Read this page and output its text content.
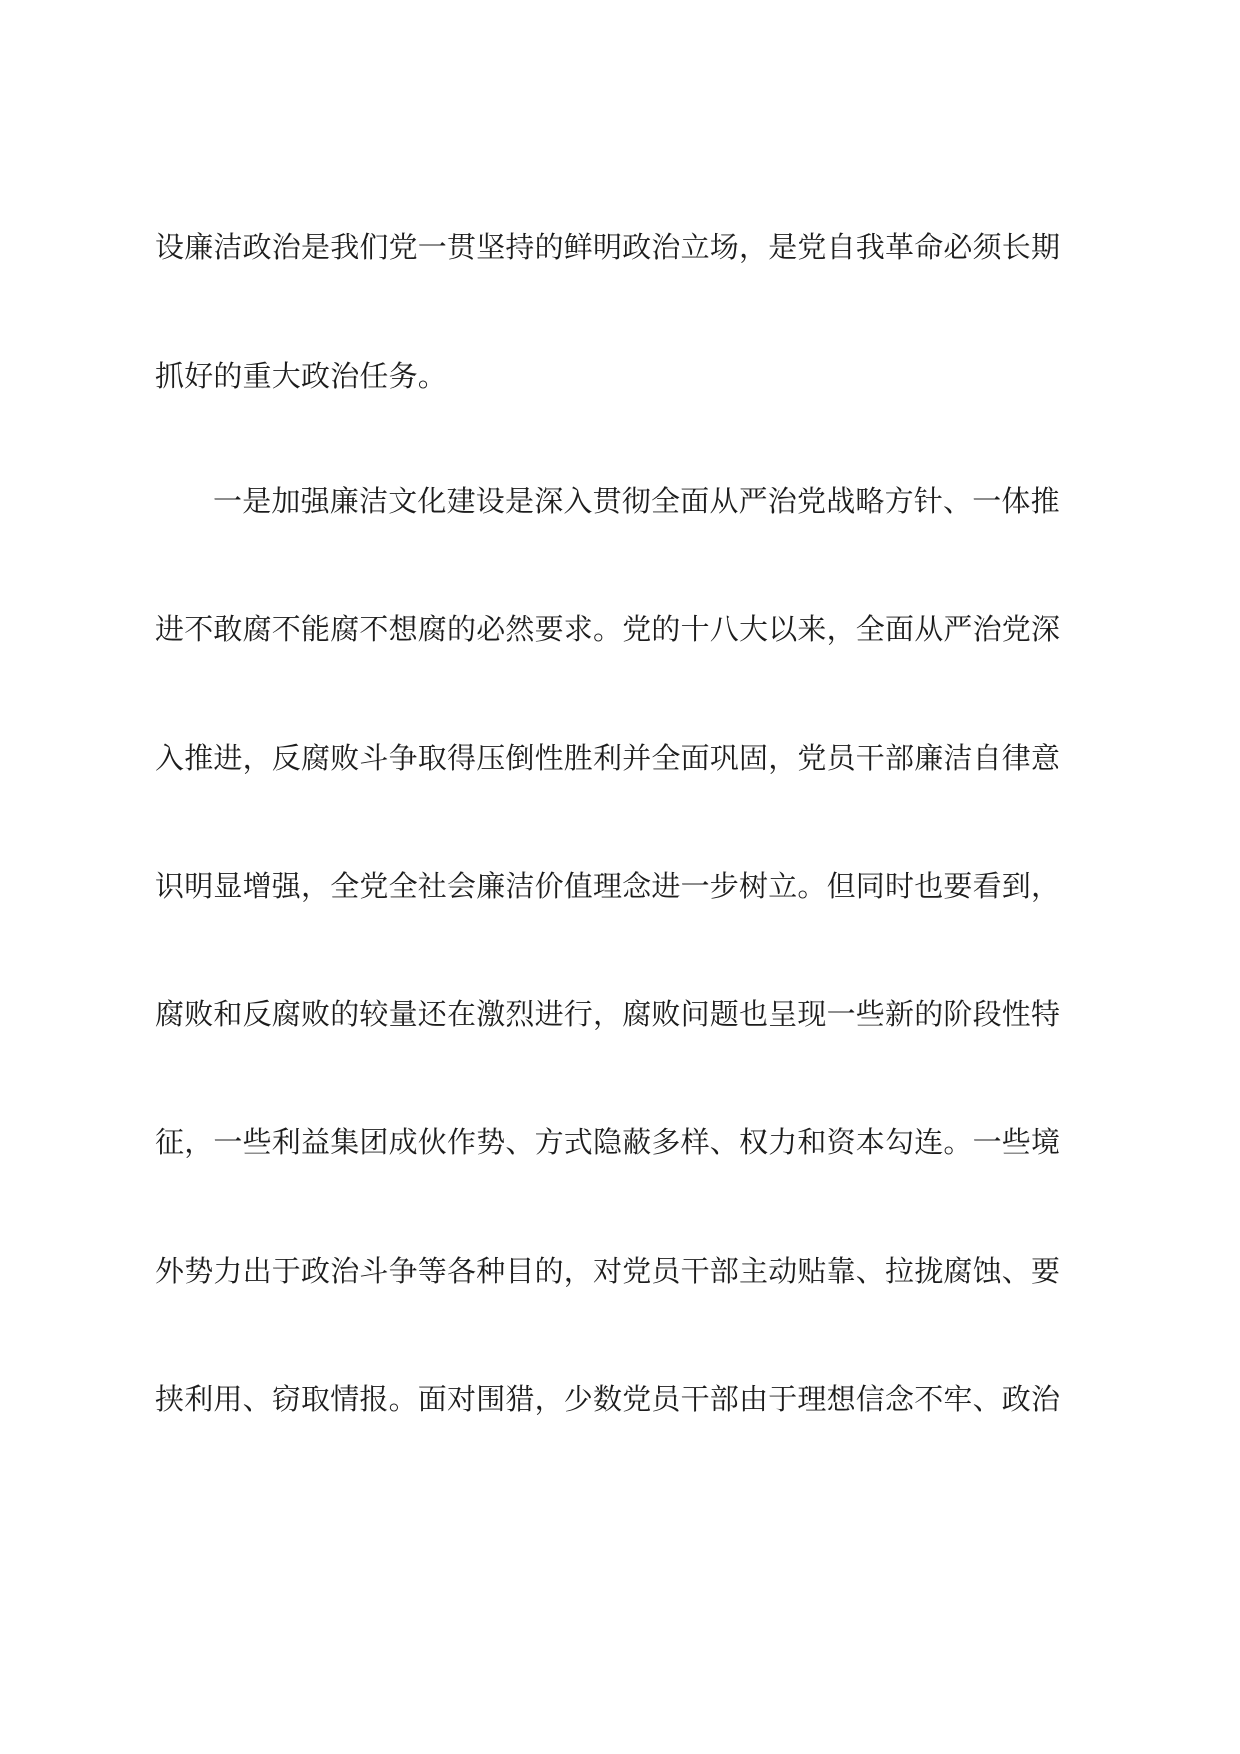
设廉洁政治是我们党一贯坚持的鲜明政治立场，是党自我革命必须长期
抓好的重大政治任务。
一是加强廉洁文化建设是深入贯彻全面从严治党战略方针、一体推
进不敢腐不能腐不想腐的必然要求。党的十八大以来，全面从严治党深
入推进，反腐败斗争取得压倒性胜利并全面巩固，党员干部廉洁自律意
识明显增强，全党全社会廉洁价值理念进一步树立。但同时也要看到，
腐败和反腐败的较量还在激烈进行，腐败问题也呈现一些新的阶段性特
征，一些利益集团成伙作势、方式隐蔽多样、权力和资本勾连。一些境
外势力出于政治斗争等各种目的，对党员干部主动贴靠、拉拢腐蚀、要
挟利用、窃取情报。面对围猎，少数党员干部由于理想信念不牢、政治
